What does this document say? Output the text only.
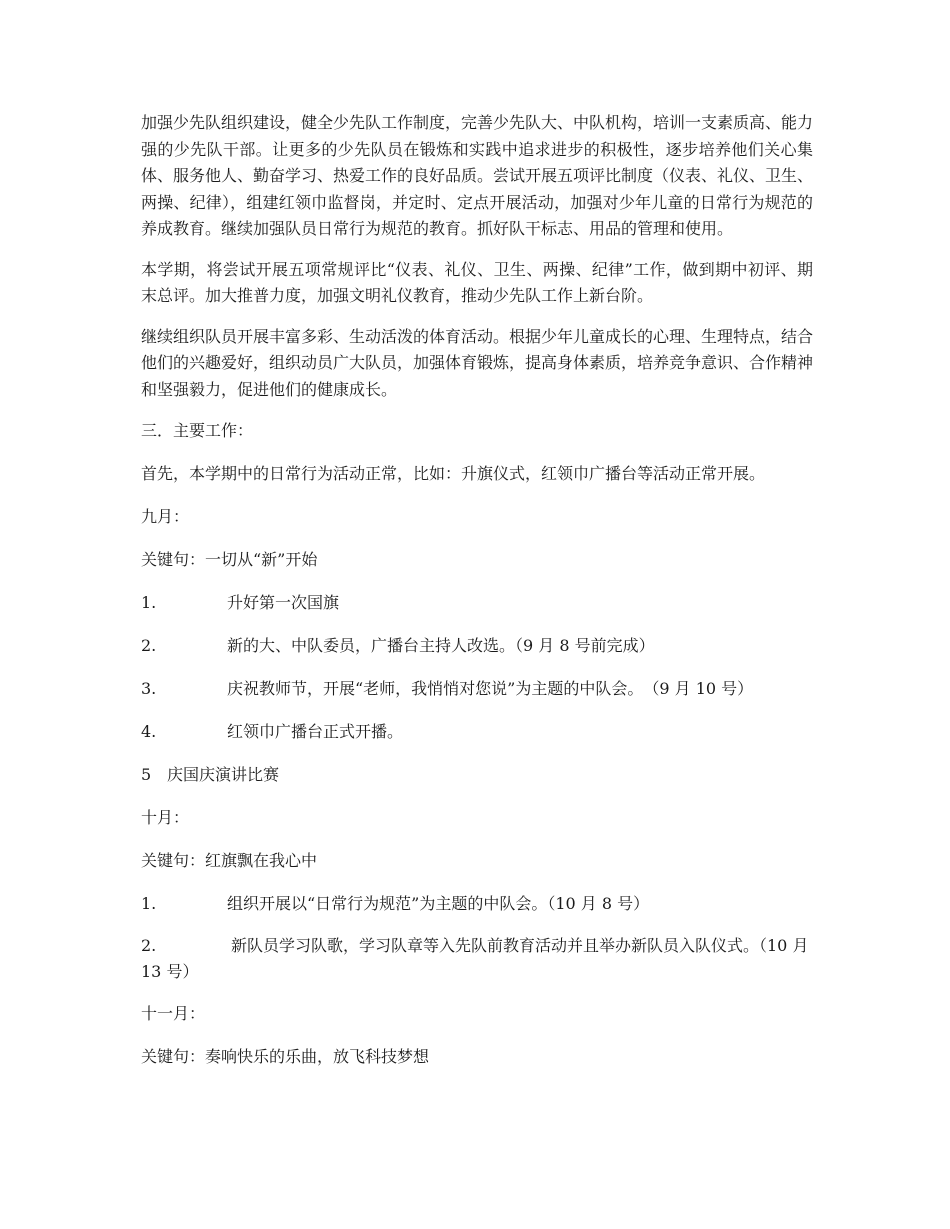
加强少先队组织建设，健全少先队工作制度，完善少先队大、中队机构，培训一支素质高、能力强的少先队干部。让更多的少先队员在锻炼和实践中追求进步的积极性，逐步培养他们关心集体、服务他人、勤奋学习、热爱工作的良好品质。尝试开展五项评比制度（仪表、礼仪、卫生、两操、纪律），组建红领巾监督岗，并定时、定点开展活动，加强对少年儿童的日常行为规范的养成教育。继续加强队员日常行为规范的教育。抓好队干标志、用品的管理和使用。

本学期，将尝试开展五项常规评比“仪表、礼仪、卫生、两操、纪律”工作，做到期中初评、期末总评。加大推普力度，加强文明礼仪教育，推动少先队工作上新台阶。

继续组织队员开展丰富多彩、生动活泼的体育活动。根据少年儿童成长的心理、生理特点，结合他们的兴趣爱好，组织动员广大队员，加强体育锻炼，提高身体素质，培养竞争意识、合作精神和坚强毅力，促进他们的健康成长。

三．主要工作：
首先，本学期中的日常行为活动正常，比如：升旗仪式，红领巾广播台等活动正常开展。
九月：
关键句：一切从“新”开始
1.	升好第一次国旗
2.	新的大、中队委员，广播台主持人改选。（9 月 8 号前完成）
3.	庆祝教师节，开展“老师，我悄悄对您说”为主题的中队会。　（9 月 10 号）
4.	红领巾广播台正式开播。
5 庆国庆演讲比赛
十月：
关键句：红旗飘在我心中
1.	组织开展以“日常行为规范”为主题的中队会。（10 月 8 号）
2.	新队员学习队歌，学习队章等入先队前教育活动并且举办新队员入队仪式。（10 月 13 号）
十一月：
关键句：奏响快乐的乐曲，放飞科技梦想
